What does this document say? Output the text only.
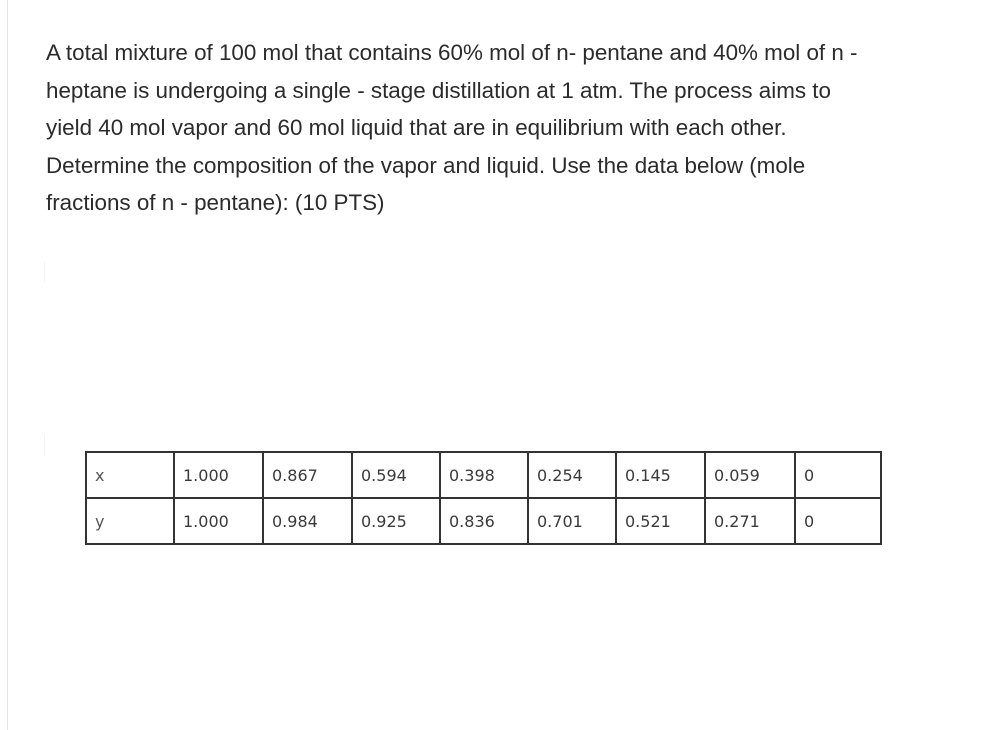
A total mixture of 100 mol that contains 60% mol of n- pentane and 40% mol of n -
heptane is undergoing a single - stage distillation at 1 atm. The process aims to
yield 40 mol vapor and 60 mol liquid that are in equilibrium with each other.
Determine the composition of the vapor and liquid. Use the data below (mole
fractions of n - pentane): (10 PTS)

x	1.000	0.867	0.594	0.398	0.254	0.145	0.059	0
y	1.000	0.984	0.925	0.836	0.701	0.521	0.271	0
